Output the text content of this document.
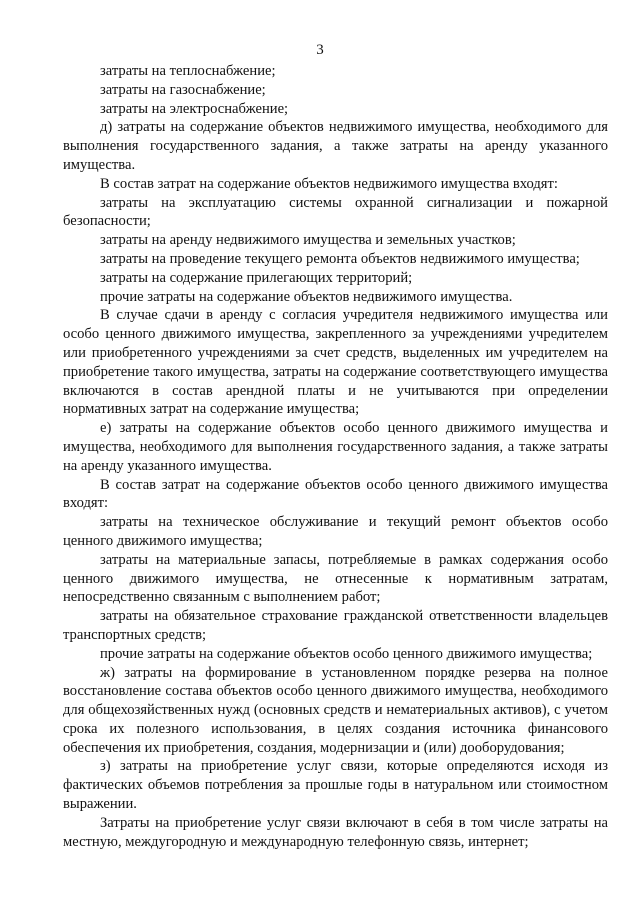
3

затраты на теплоснабжение;

затраты на газоснабжение;

затраты на электроснабжение;

д) затраты на содержание объектов недвижимого имущества, необходимого для выполнения государственного задания, а также затраты на аренду указанного имущества.

В состав затрат на содержание объектов недвижимого имущества входят:

затраты на эксплуатацию системы охранной сигнализации и пожарной безопасности;

затраты на аренду недвижимого имущества и земельных участков;

затраты на проведение текущего ремонта объектов недвижимого имущества;

затраты на содержание прилегающих территорий;

прочие затраты на содержание объектов недвижимого имущества.

В случае сдачи в аренду с согласия учредителя недвижимого имущества или особо ценного движимого имущества, закрепленного за учреждениями учредителем или приобретенного учреждениями за счет средств, выделенных им учредителем на приобретение такого имущества, затраты на содержание соответствующего имущества включаются в состав арендной платы и не учитываются при определении нормативных затрат на содержание имущества;

е) затраты на содержание объектов особо ценного движимого имущества и имущества, необходимого для выполнения государственного задания, а также затраты на аренду указанного имущества.

В состав затрат на содержание объектов особо ценного движимого имущества входят:

затраты на техническое обслуживание и текущий ремонт объектов особо ценного движимого имущества;

затраты на материальные запасы, потребляемые в рамках содержания особо ценного движимого имущества, не отнесенные к нормативным затратам, непосредственно связанным с выполнением работ;

затраты на обязательное страхование гражданской ответственности владельцев транспортных средств;

прочие затраты на содержание объектов особо ценного движимого имущества;

ж) затраты на формирование в установленном порядке резерва на полное восстановление состава объектов особо ценного движимого имущества, необходимого для общехозяйственных нужд (основных средств и нематериальных активов), с учетом срока их полезного использования, в целях создания источника финансового обеспечения их приобретения, создания, модернизации и (или) дооборудования;

з) затраты на приобретение услуг связи, которые определяются исходя из фактических объемов потребления за прошлые годы в натуральном или стоимостном выражении.

Затраты на приобретение услуг связи включают в себя в том числе затраты на местную, междугородную и международную телефонную связь, интернет;
